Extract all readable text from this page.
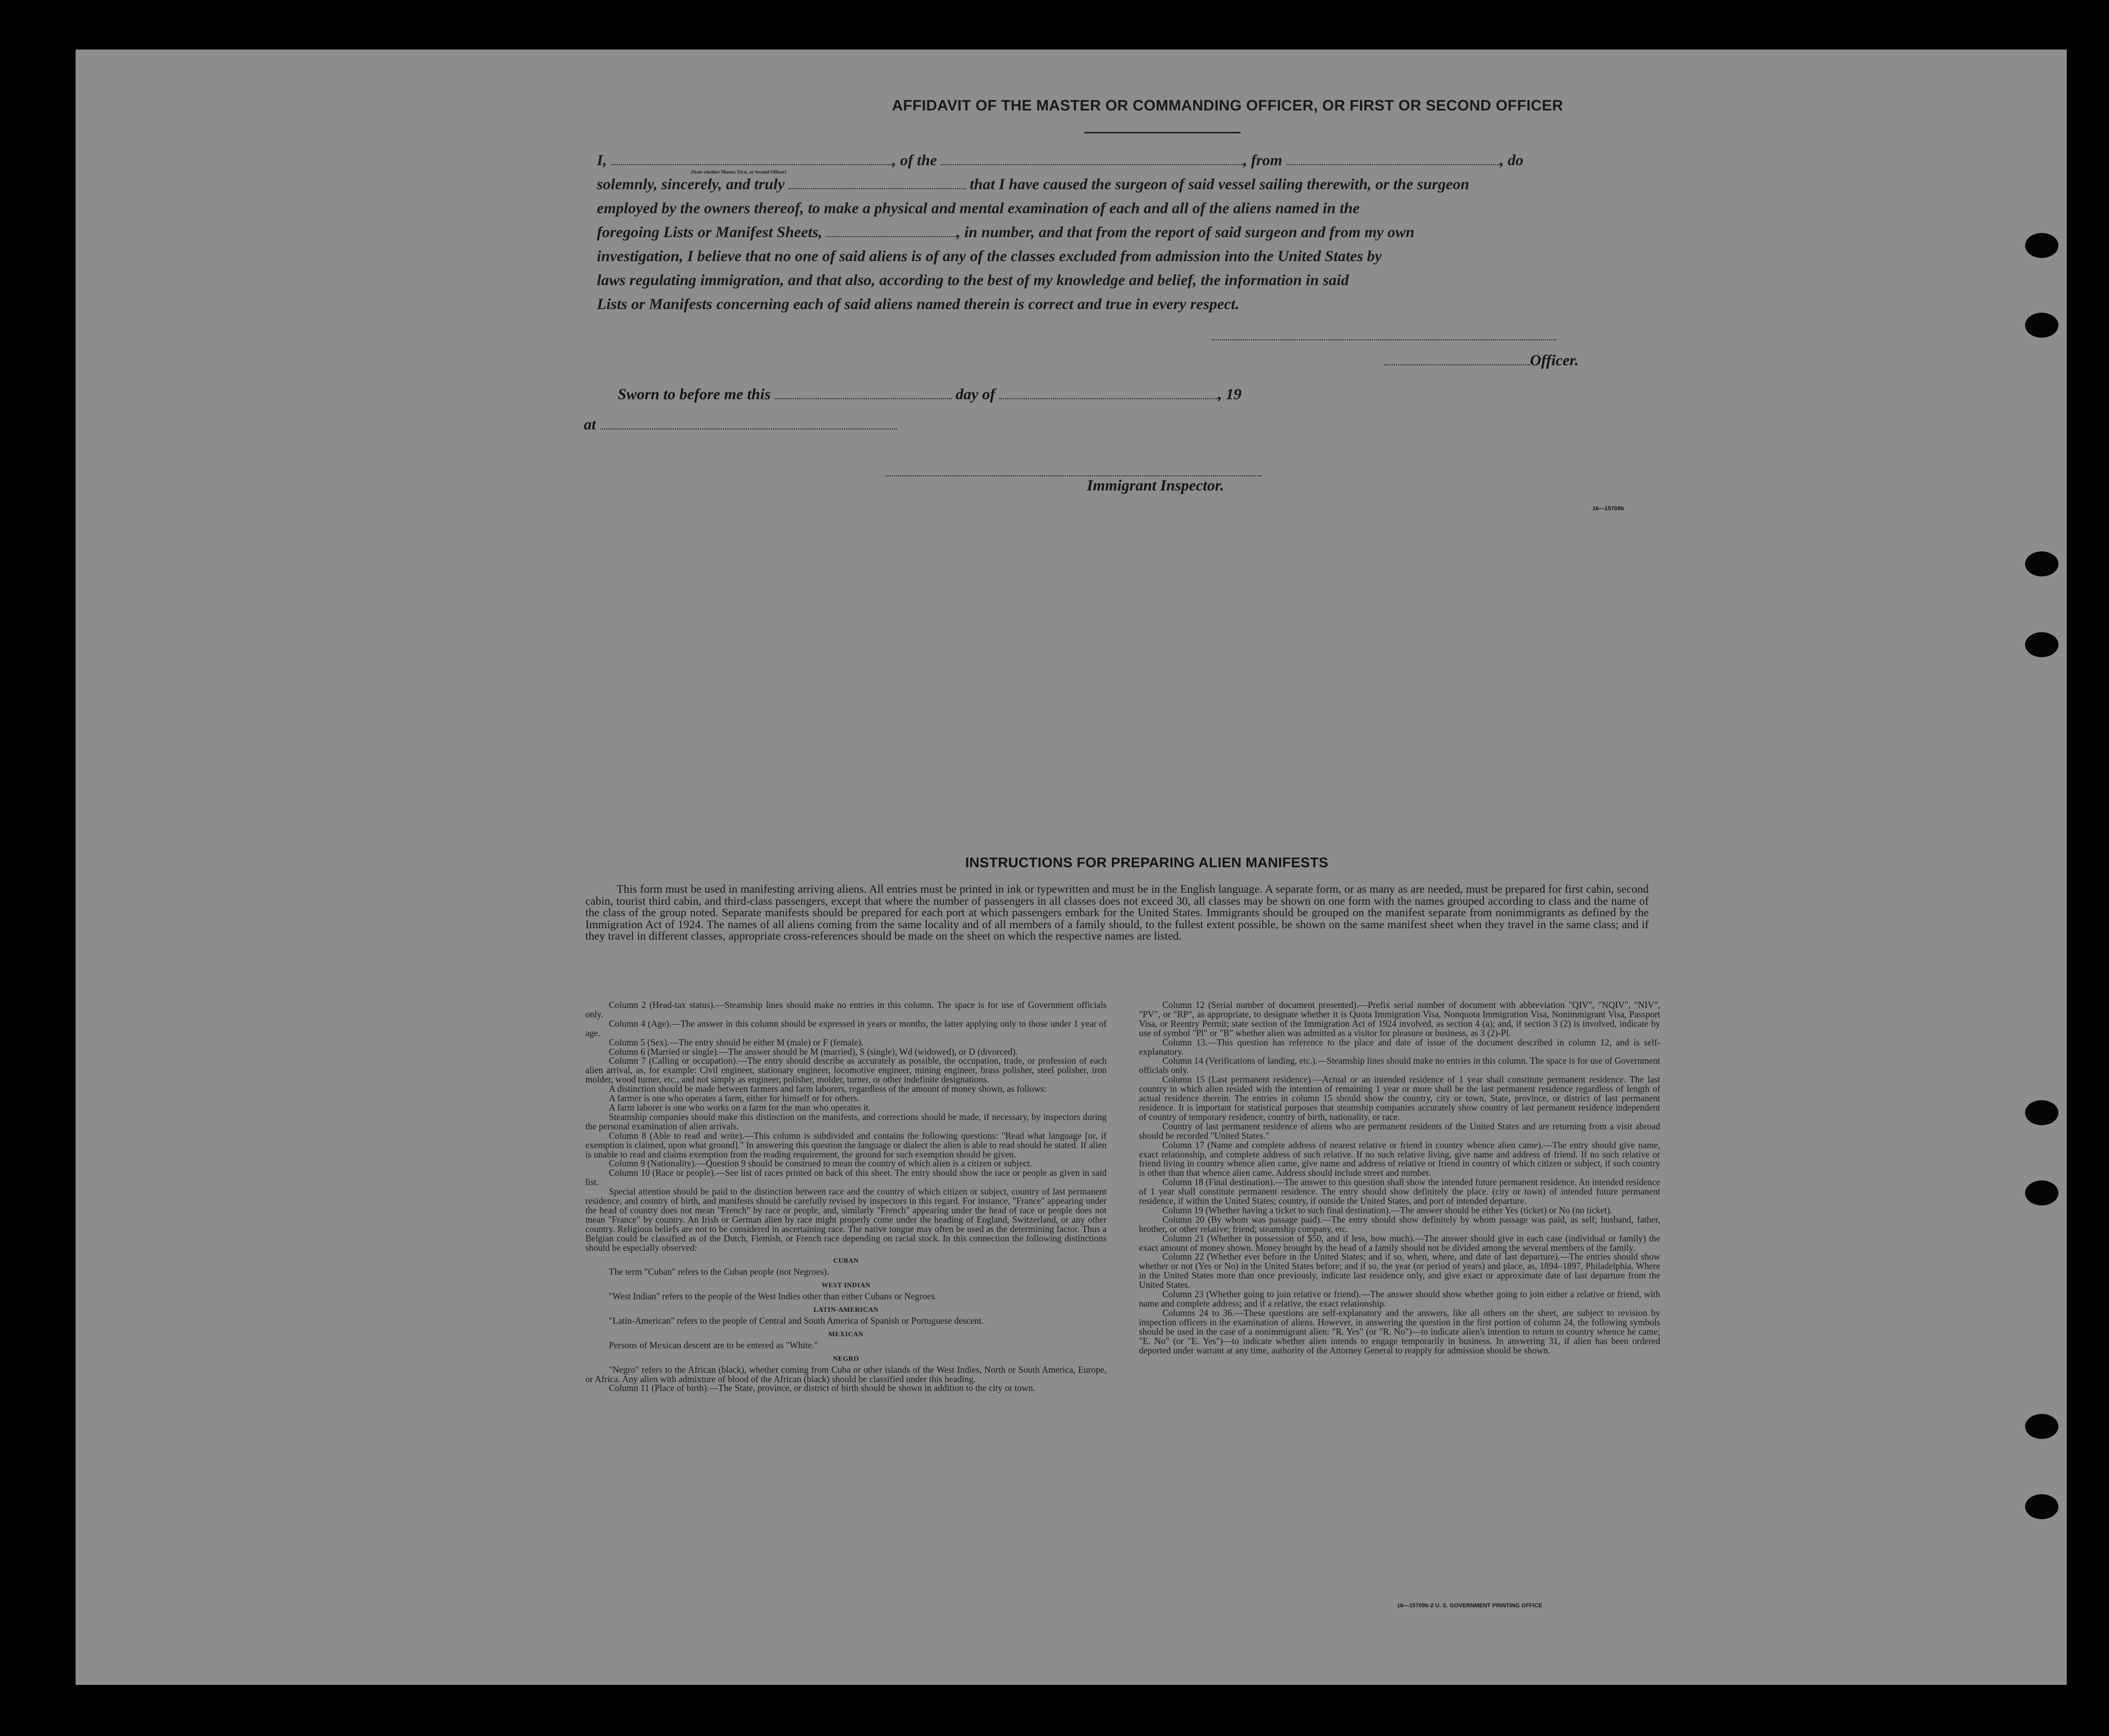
AFFIDAVIT OF THE MASTER OR COMMANDING OFFICER, OR FIRST OR SECOND OFFICER
I,	, of the	, from	, do
(State whether Master, First, or Second Officer)
solemnly, sincerely, and truly	that I have caused the surgeon of said vessel sailing therewith, or the surgeon
employed by the owners thereof, to make a physical and mental examination of each and all of the aliens named in the
foregoing Lists or Manifest Sheets,	, in number, and that from the report of said surgeon and from my own
investigation, I believe that no one of said aliens is of any of the classes excluded from admission into the United States by
laws regulating immigration, and that also, according to the best of my knowledge and belief, the information in said
Lists or Manifests concerning each of said aliens named therein is correct and true in every respect.
Officer.
Sworn to before me this	day of	, 19
at
Immigrant Inspector.
16—15709b
INSTRUCTIONS FOR PREPARING ALIEN MANIFESTS
This form must be used in manifesting arriving aliens. All entries must be printed in ink or typewritten and must be in the English language. A separate form, or as many as are needed, must be prepared for first cabin, second cabin, tourist third cabin, and third-class passengers, except that where the number of passengers in all classes does not exceed 30, all classes may be shown on one form with the names grouped according to class and the name of the class of the group noted. Separate manifests should be prepared for each port at which passengers embark for the United States. Immigrants should be grouped on the manifest separate from nonimmigrants as defined by the Immigration Act of 1924. The names of all aliens coming from the same locality and of all members of a family should, to the fullest extent possible, be shown on the same manifest sheet when they travel in the same class; and if they travel in different classes, appropriate cross-references should be made on the sheet on which the respective names are listed.

Column 2 (Head-tax status).—Steamship lines should make no entries in this column. The space is for use of Government officials only.

Column 4 (Age).—The answer in this column should be expressed in years or months, the latter applying only to those under 1 year of age.

Column 5 (Sex).—The entry should be either M (male) or F (female).

Column 6 (Married or single).—The answer should be M (married), S (single), Wd (widowed), or D (divorced).

Column 7 (Calling or occupation).—The entry should describe as accurately as possible, the occupation, trade, or profession of each alien arrival, as, for example: Civil engineer, stationary engineer, locomotive engineer, mining engineer, brass polisher, steel polisher, iron molder, wood turner, etc., and not simply as engineer, polisher, molder, turner, or other indefinite designations.

A distinction should be made between farmers and farm laborers, regardless of the amount of money shown, as follows:

A farmer is one who operates a farm, either for himself or for others.

A farm laborer is one who works on a farm for the man who operates it.

Steamship companies should make this distinction on the manifests, and corrections should be made, if necessary, by inspectors during the personal examination of alien arrivals.

Column 8 (Able to read and write).—This column is subdivided and contains the following questions: "Read what language [or, if exemption is claimed, upon what ground]." In answering this question the language or dialect the alien is able to read should be stated. If alien is unable to read and claims exemption from the reading requirement, the ground for such exemption should be given.

Column 9 (Nationality).—Question 9 should be construed to mean the country of which alien is a citizen or subject.

Column 10 (Race or people).—See list of races printed on back of this sheet. The entry should show the race or people as given in said list.

Special attention should be paid to the distinction between race and the country of which citizen or subject, country of last permanent residence, and country of birth, and manifests should be carefully revised by inspectors in this regard. For instance, "France" appearing under the head of country does not mean "French" by race or people, and, similarly "French" appearing under the head of race or people does not mean "France" by country. An Irish or German alien by race might properly come under the heading of England, Switzerland, or any other country. Religious beliefs are not to be considered in ascertaining race. The native tongue may often be used as the determining factor. Thus a Belgian could be classified as of the Dutch, Flemish, or French race depending on racial stock. In this connection the following distinctions should be especially observed:

CUBAN

The term "Cuban" refers to the Cuban people (not Negroes).

WEST INDIAN

"West Indian" refers to the people of the West Indies other than either Cubans or Negroes.

LATIN-AMERICAN

"Latin-American" refers to the people of Central and South America of Spanish or Portuguese descent.

MEXICAN

Persons of Mexican descent are to be entered as "White."

NEGRO

"Negro" refers to the African (black), whether coming from Cuba or other islands of the West Indies, North or South America, Europe, or Africa. Any alien with admixture of blood of the African (black) should be classified under this heading.

Column 11 (Place of birth).—The State, province, or district of birth should be shown in addition to the city or town.

Column 12 (Serial number of document presented).—Prefix serial number of document with abbreviation "QIV", "NQIV", "NIV", "PV", or "RP", as appropriate, to designate whether it is Quota Immigration Visa, Nonquota Immigration Visa, Nonimmigrant Visa, Passport Visa, or Reentry Permit; state section of the Immigration Act of 1924 involved, as section 4 (a); and, if section 3 (2) is involved, indicate by use of symbol "Pl" or "B" whether alien was admitted as a visitor for pleasure or business, as 3 (2)-Pl.

Column 13.—This question has reference to the place and date of issue of the document described in column 12, and is self-explanatory.

Column 14 (Verifications of landing, etc.).—Steamship lines should make no entries in this column. The space is for use of Government officials only.

Column 15 (Last permanent residence).—Actual or an intended residence of 1 year shall constitute permanent residence. The last country in which alien resided with the intention of remaining 1 year or more shall be the last permanent residence regardless of length of actual residence therein. The entries in column 15 should show the country, city or town, State, province, or district of last permanent residence. It is important for statistical purposes that steamship companies accurately show country of last permanent residence independent of country of temporary residence, country of birth, nationality, or race.

Country of last permanent residence of aliens who are permanent residents of the United States and are returning from a visit abroad should be recorded "United States."

Column 17 (Name and complete address of nearest relative or friend in country whence alien came).—The entry should give name, exact relationship, and complete address of such relative. If no such relative living, give name and address of friend. If no such relative or friend living in country whence alien came, give name and address of relative or friend in country of which citizen or subject, if such country is other than that whence alien came. Address should include street and number.

Column 18 (Final destination).—The answer to this question shall show the intended future permanent residence. An intended residence of 1 year shall constitute permanent residence. The entry should show definitely the place. (city or town) of intended future permanent residence, if within the United States; country, if outside the United States, and port of intended departure.

Column 19 (Whether having a ticket to such final destination).—The answer should be either Yes (ticket) or No (no ticket).

Column 20 (By whom was passage paid).—The entry should show definitely by whom passage was paid, as self; husband, father, brother, or other relative; friend; steamship company, etc.

Column 21 (Whether in possession of $50, and if less, how much).—The answer should give in each case (individual or family) the exact amount of money shown. Money brought by the head of a family should not be divided among the several members of the family.

Column 22 (Whether ever before in the United States; and if so, when, where, and date of last departure).—The entries should show whether or not (Yes or No) in the United States before; and if so, the year (or period of years) and place, as, 1894–1897, Philadelphia. Where in the United States more than once previously, indicate last residence only, and give exact or approximate date of last departure from the United States.

Column 23 (Whether going to join relative or friend).—The answer should show whether going to join either a relative or friend, with name and complete address; and if a relative, the exact relationship.

Columns 24 to 36.—These questions are self-explanatory and the answers, like all others on the sheet, are subject to revision by inspection officers in the examination of aliens. However, in answering the question in the first portion of column 24, the following symbols should be used in the case of a nonimmigrant alien: "R. Yes" (or "R. No")—to indicate alien's intention to return to country whence he came; "E. No" (or "E. Yes")—to indicate whether alien intends to engage temporarily in business. In answering 31, if alien has been ordered deported under warrant at any time, authority of the Attorney General to reapply for admission should be shown.

16—15709b-2 U. S. GOVERNMENT PRINTING OFFICE
